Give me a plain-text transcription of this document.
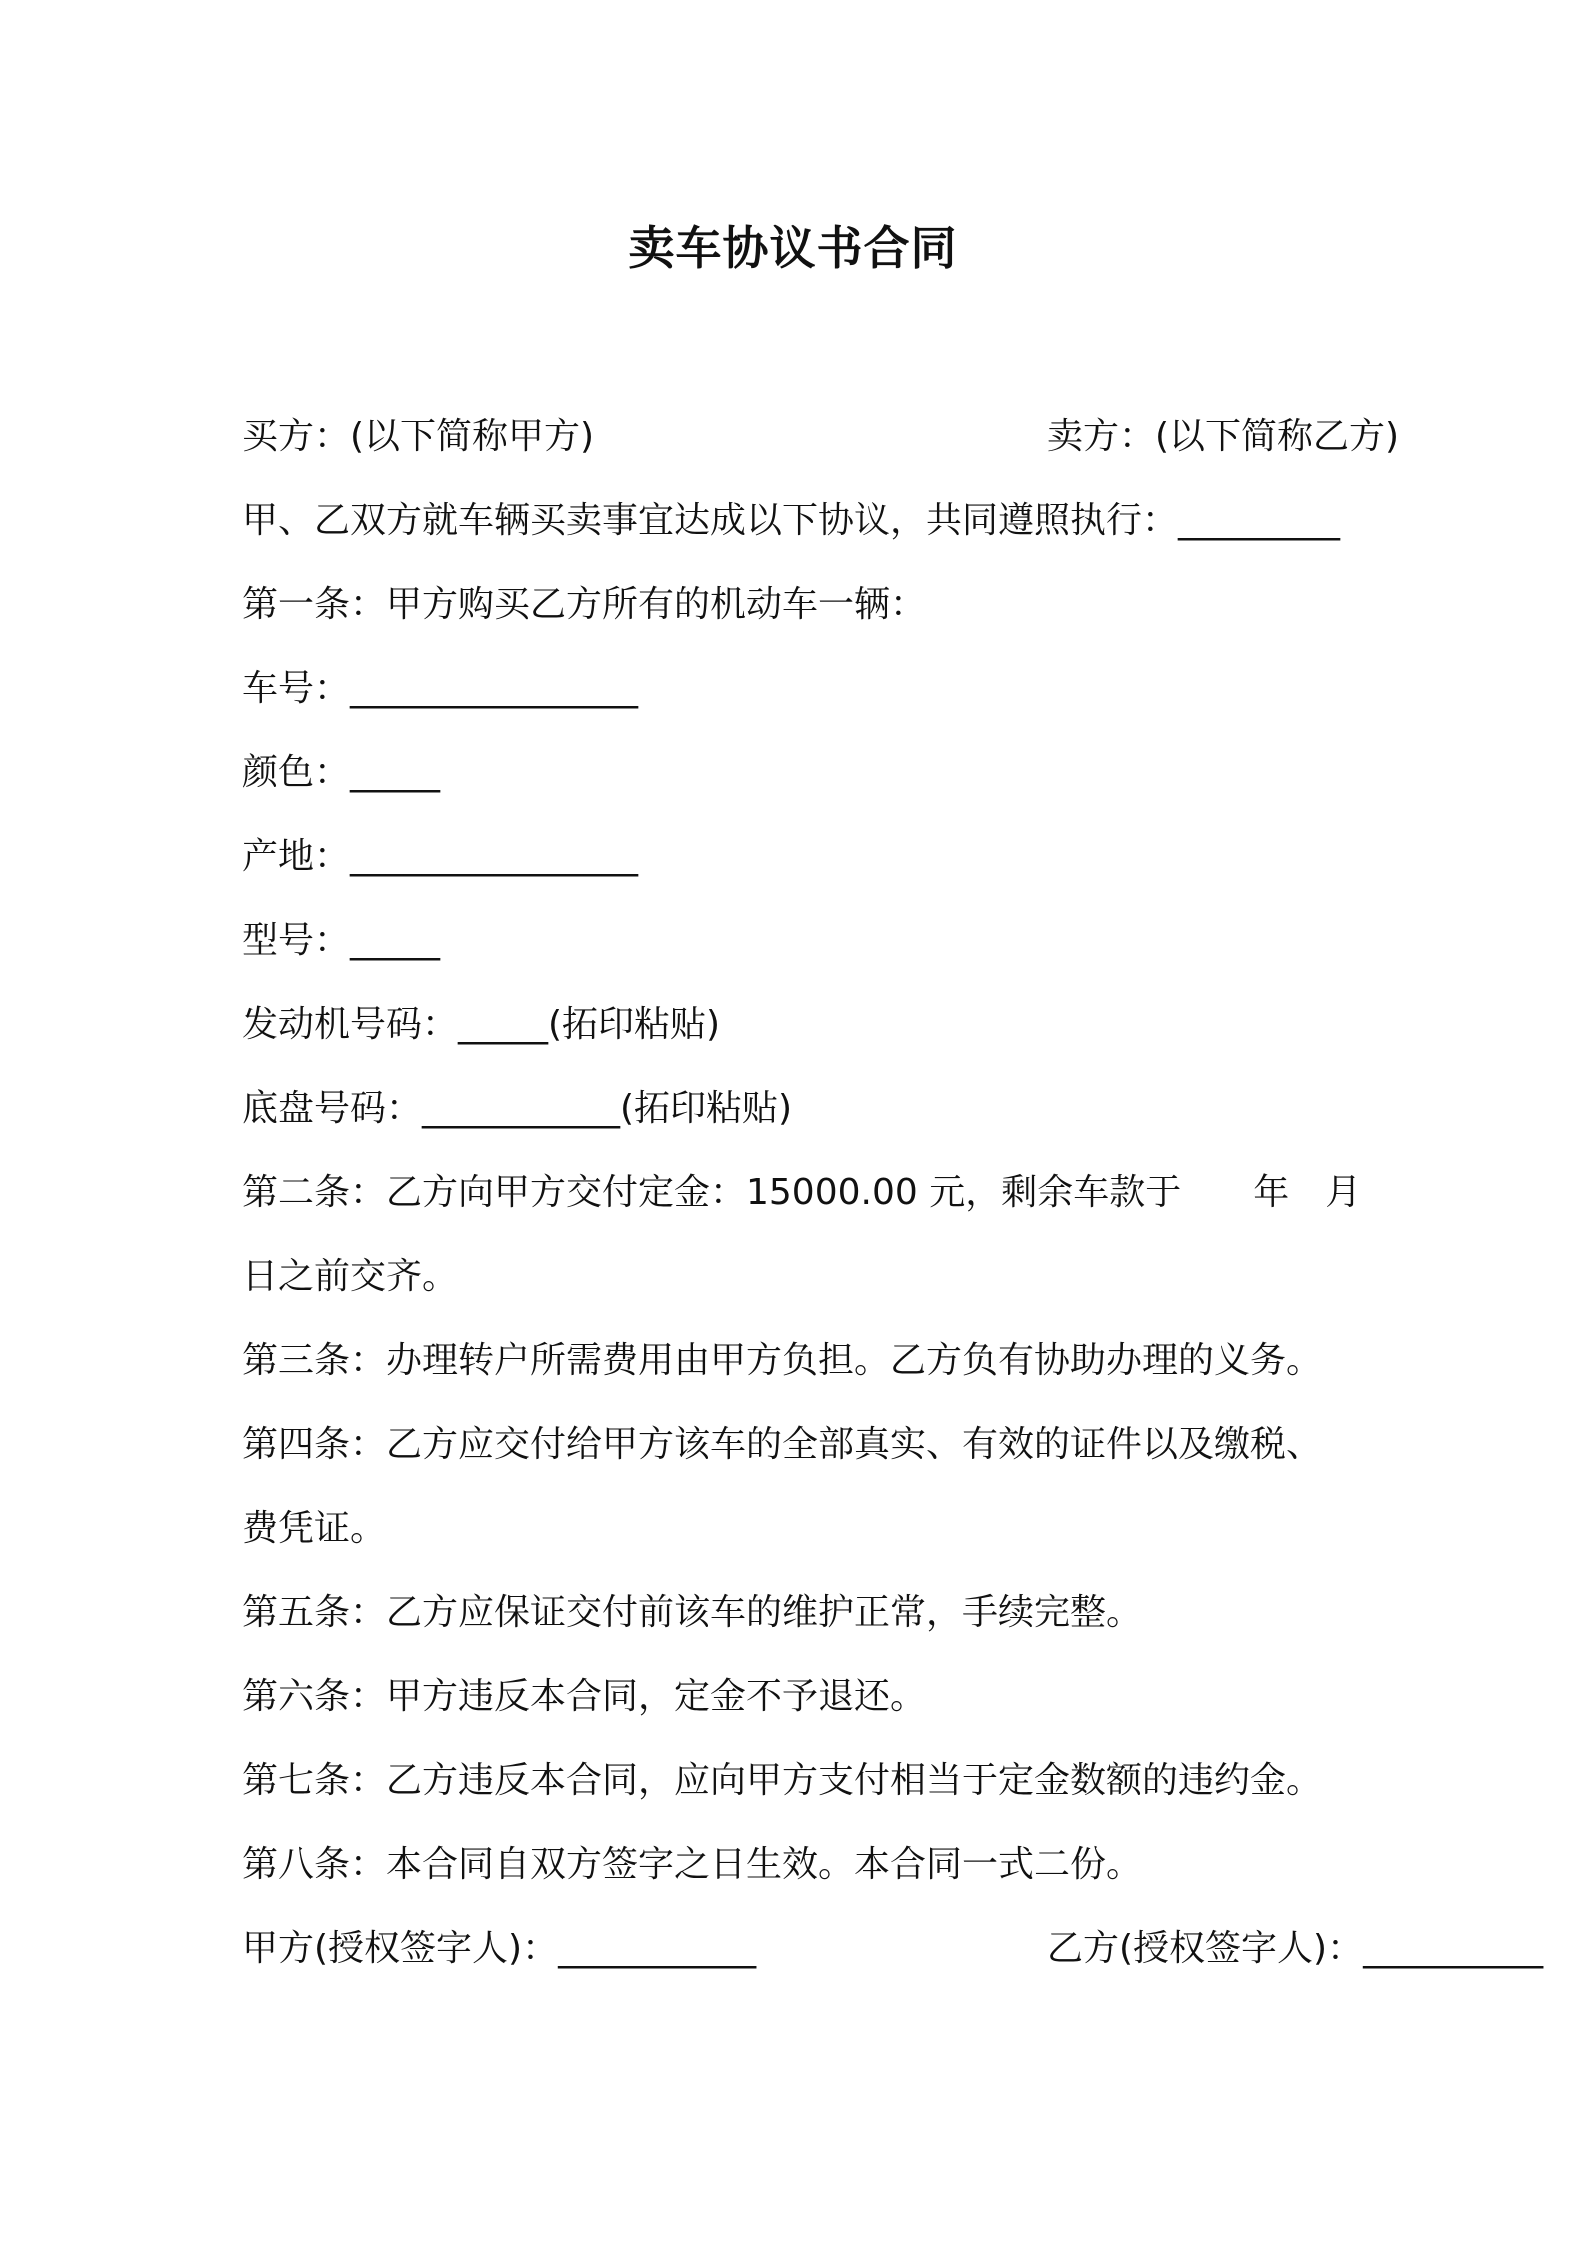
卖车协议书合同
买方：(以下简称甲方)	卖方：(以下简称乙方)
甲、乙双方就车辆买卖事宜达成以下协议，共同遵照执行：_________
第一条：甲方购买乙方所有的机动车一辆：
车号：________________
颜色：_____
产地：________________
型号：_____
发动机号码：_____(拓印粘贴)
底盘号码：___________(拓印粘贴)
第二条：乙方向甲方交付定金：15000.00 元，剩余车款于　　年　月
日之前交齐。
第三条：办理转户所需费用由甲方负担。乙方负有协助办理的义务。
第四条：乙方应交付给甲方该车的全部真实、有效的证件以及缴税、
费凭证。
第五条：乙方应保证交付前该车的维护正常，手续完整。
第六条：甲方违反本合同，定金不予退还。
第七条：乙方违反本合同，应向甲方支付相当于定金数额的违约金。
第八条：本合同自双方签字之日生效。本合同一式二份。
甲方(授权签字人)：___________	乙方(授权签字人)：__________
